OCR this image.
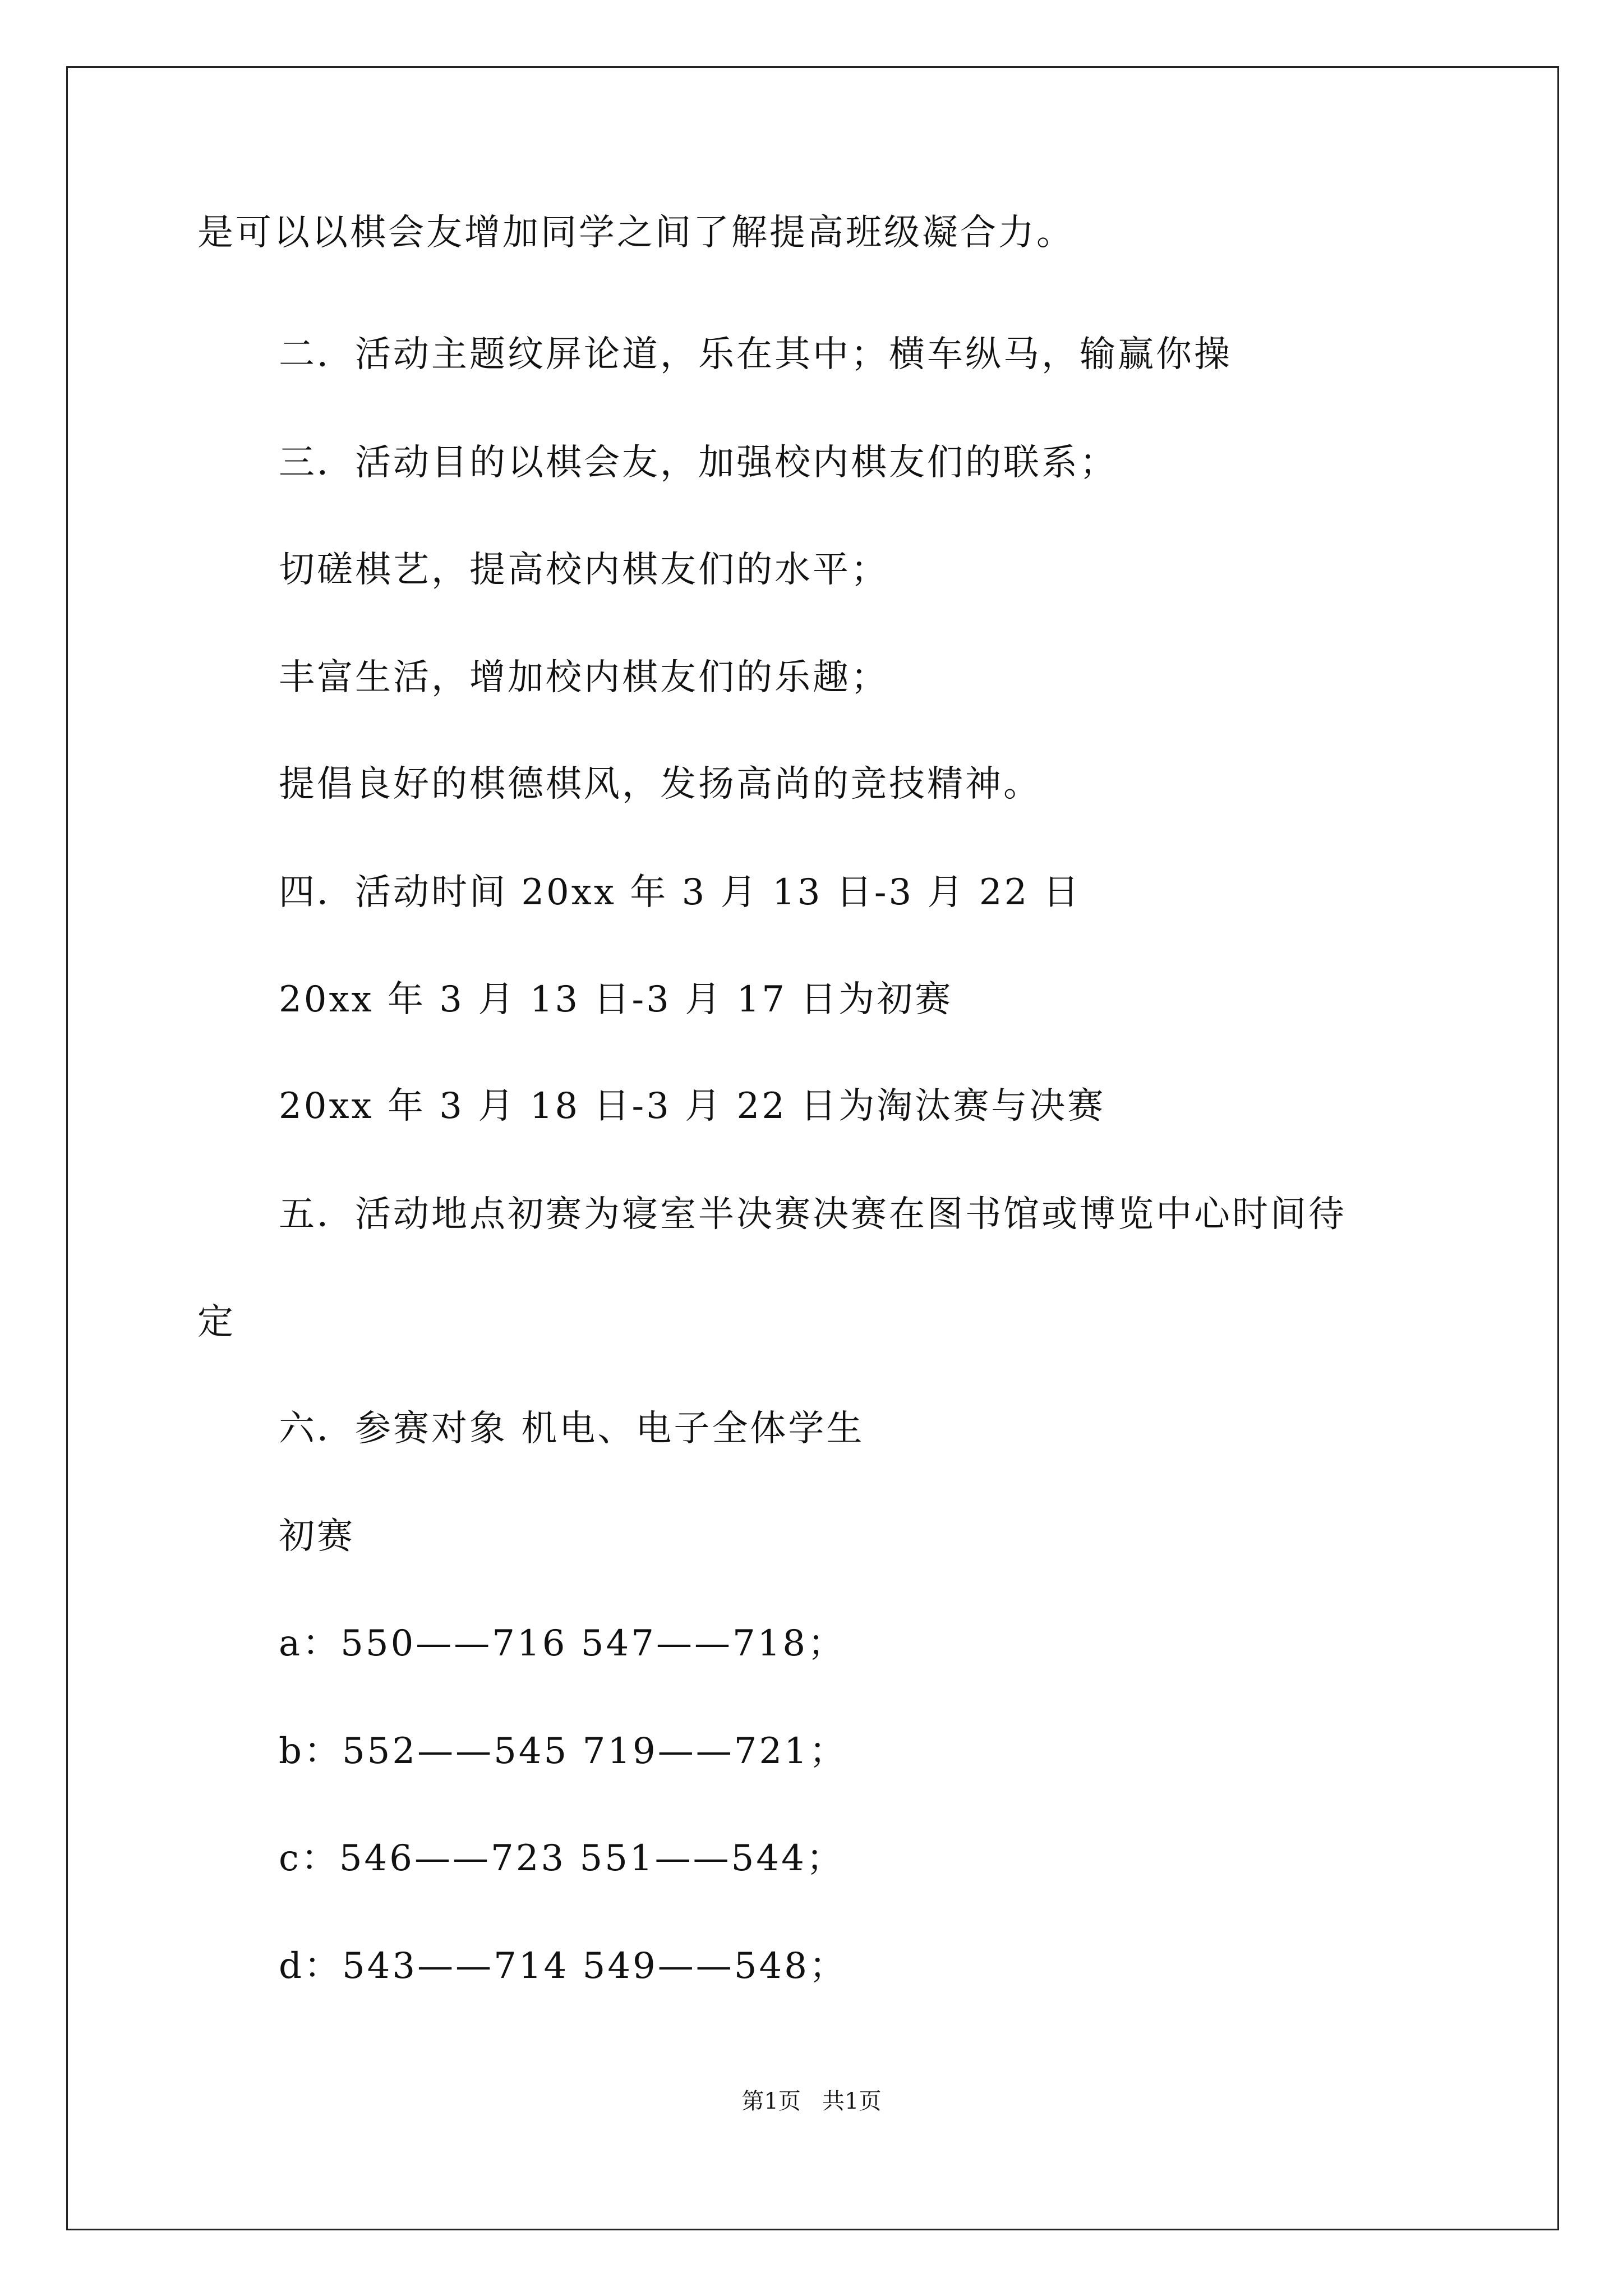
是可以以棋会友增加同学之间了解提高班级凝合力。
二．活动主题纹屏论道，乐在其中；横车纵马，输赢你操
三．活动目的以棋会友，加强校内棋友们的联系；
切磋棋艺，提高校内棋友们的水平；
丰富生活，增加校内棋友们的乐趣；
提倡良好的棋德棋风，发扬高尚的竞技精神。
四．活动时间 20xx 年 3 月 13 日-3 月 22 日
20xx 年 3 月 13 日-3 月 17 日为初赛
20xx 年 3 月 18 日-3 月 22 日为淘汰赛与决赛
五．活动地点初赛为寝室半决赛决赛在图书馆或博览中心时间待
定
六．参赛对象 机电、电子全体学生
初赛
a：550——716 547——718；
b：552——545 719——721；
c：546——723 551——544；
d：543——714 549——548；
第1页   共1页
